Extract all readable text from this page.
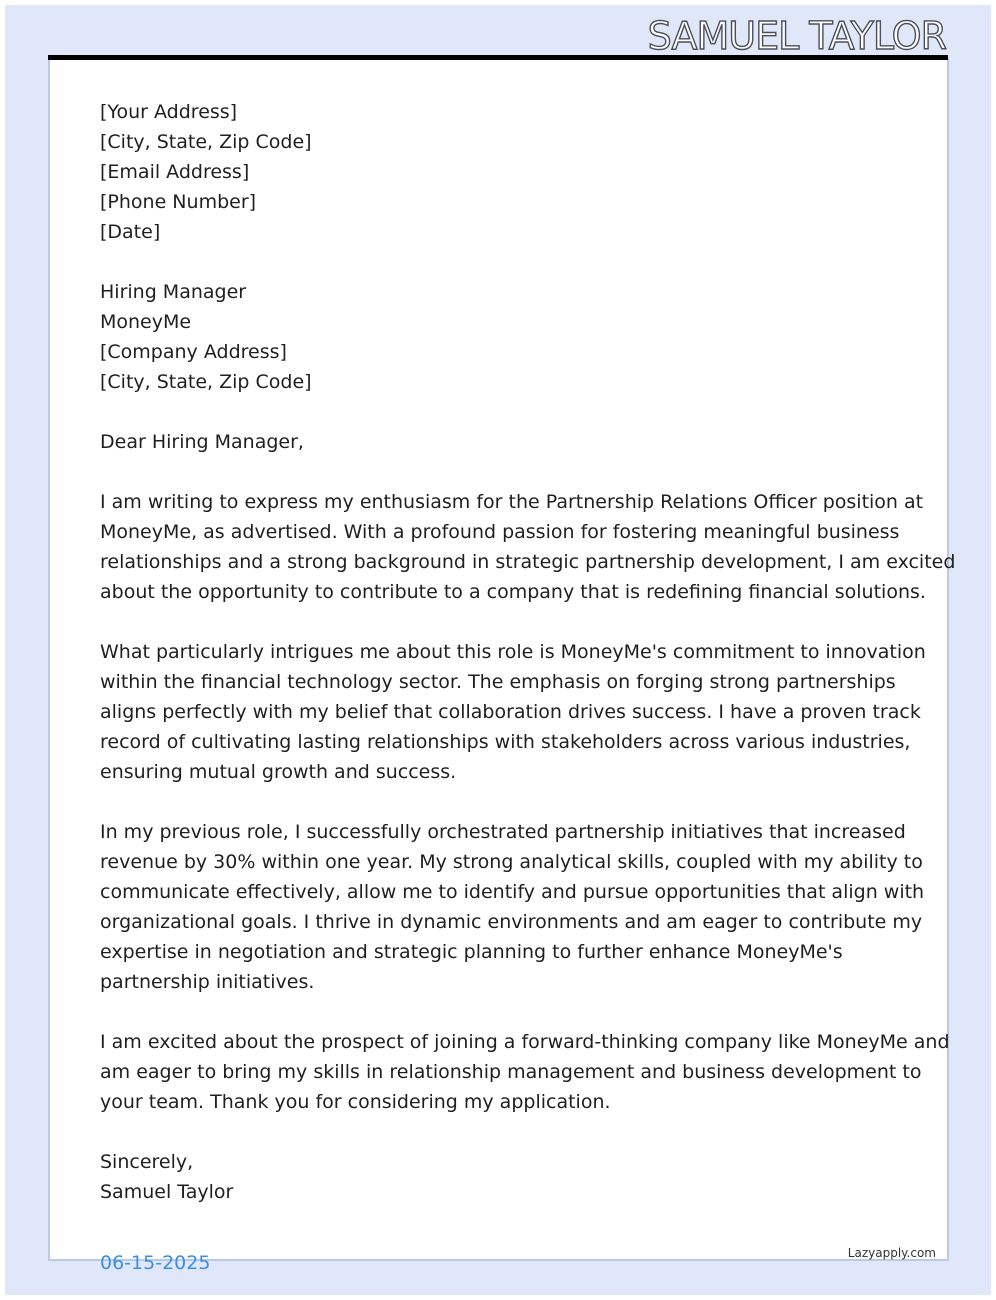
SAMUEL TAYLOR
[Your Address]
[City, State, Zip Code]
[Email Address]
[Phone Number]
[Date]
Hiring Manager
MoneyMe
[Company Address]
[City, State, Zip Code]
Dear Hiring Manager,

I am writing to express my enthusiasm for the Partnership Relations Officer position at
MoneyMe, as advertised. With a profound passion for fostering meaningful business
relationships and a strong background in strategic partnership development, I am excited
about the opportunity to contribute to a company that is redefining financial solutions.

What particularly intrigues me about this role is MoneyMe's commitment to innovation
within the financial technology sector. The emphasis on forging strong partnerships
aligns perfectly with my belief that collaboration drives success. I have a proven track
record of cultivating lasting relationships with stakeholders across various industries,
ensuring mutual growth and success.

In my previous role, I successfully orchestrated partnership initiatives that increased
revenue by 30% within one year. My strong analytical skills, coupled with my ability to
communicate effectively, allow me to identify and pursue opportunities that align with
organizational goals. I thrive in dynamic environments and am eager to contribute my
expertise in negotiation and strategic planning to further enhance MoneyMe's
partnership initiatives.

I am excited about the prospect of joining a forward-thinking company like MoneyMe and
am eager to bring my skills in relationship management and business development to
your team. Thank you for considering my application.

Sincerely,
Samuel Taylor
06-15-2025	Lazyapply.com
